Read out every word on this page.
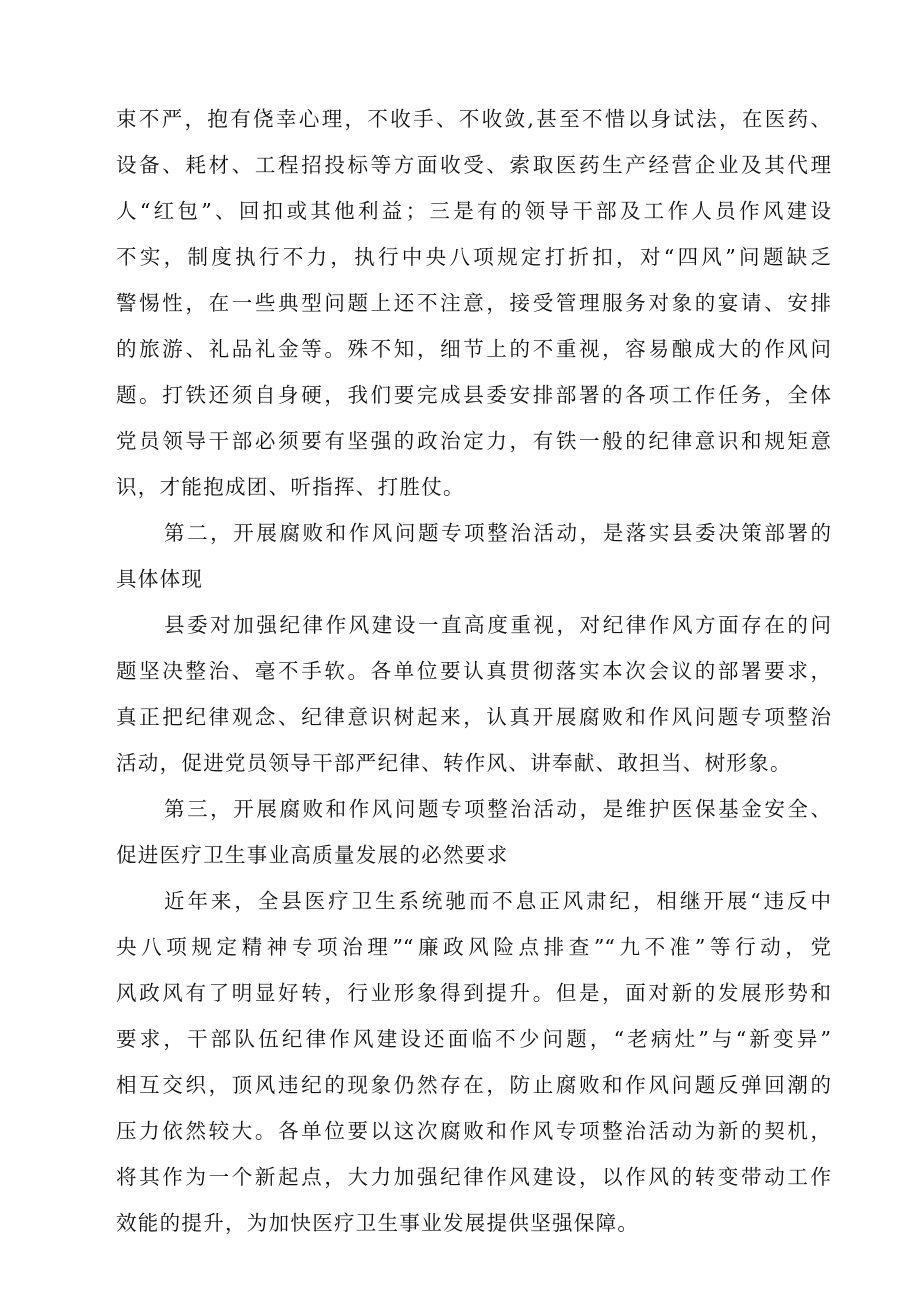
束不严，抱有侥幸心理，不收手、不收敛,甚至不惜以身试法，在医药、
设备、耗材、工程招投标等方面收受、索取医药生产经营企业及其代理
人“红包”、回扣或其他利益；三是有的领导干部及工作人员作风建设
不实，制度执行不力，执行中央八项规定打折扣，对“四风”问题缺乏
警惕性，在一些典型问题上还不注意，接受管理服务对象的宴请、安排
的旅游、礼品礼金等。殊不知，细节上的不重视，容易酿成大的作风问
题。打铁还须自身硬，我们要完成县委安排部署的各项工作任务，全体
党员领导干部必须要有坚强的政治定力，有铁一般的纪律意识和规矩意
识，才能抱成团、听指挥、打胜仗。
第二，开展腐败和作风问题专项整治活动，是落实县委决策部署的
具体体现
县委对加强纪律作风建设一直高度重视，对纪律作风方面存在的问
题坚决整治、毫不手软。各单位要认真贯彻落实本次会议的部署要求，
真正把纪律观念、纪律意识树起来，认真开展腐败和作风问题专项整治
活动，促进党员领导干部严纪律、转作风、讲奉献、敢担当、树形象。
第三，开展腐败和作风问题专项整治活动，是维护医保基金安全、
促进医疗卫生事业高质量发展的必然要求
近年来，全县医疗卫生系统驰而不息正风肃纪，相继开展“违反中
央八项规定精神专项治理”“廉政风险点排查”“九不准”等行动，党
风政风有了明显好转，行业形象得到提升。但是，面对新的发展形势和
要求，干部队伍纪律作风建设还面临不少问题，“老病灶”与“新变异”
相互交织，顶风违纪的现象仍然存在，防止腐败和作风问题反弹回潮的
压力依然较大。各单位要以这次腐败和作风专项整治活动为新的契机，
将其作为一个新起点，大力加强纪律作风建设，以作风的转变带动工作
效能的提升，为加快医疗卫生事业发展提供坚强保障。
